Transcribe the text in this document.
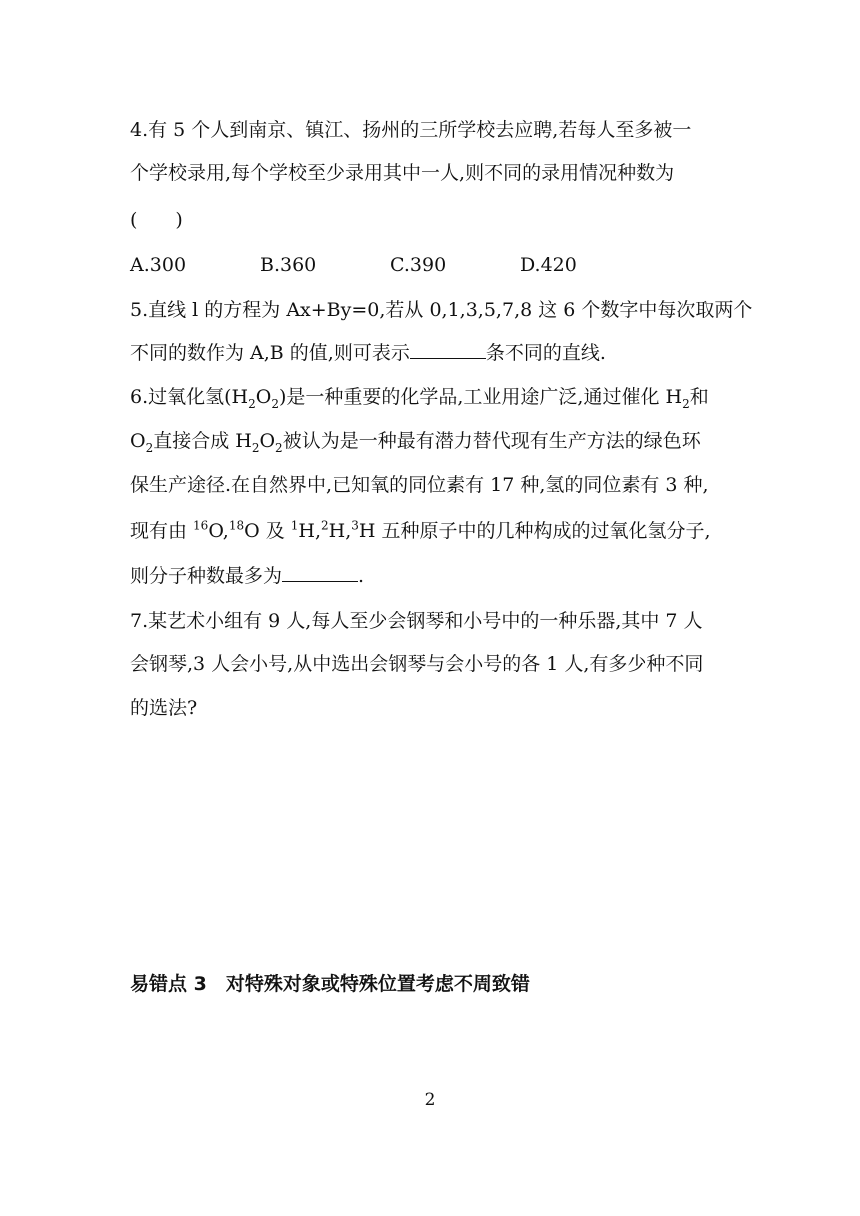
4.有 5 个人到南京、镇江、扬州的三所学校去应聘,若每人至多被一
个学校录用,每个学校至少录用其中一人,则不同的录用情况种数为
(　　)
A.300	B.360	C.390	D.420
5.直线 l 的方程为 Ax+By=0,若从 0,1,3,5,7,8 这 6 个数字中每次取两个
不同的数作为 A,B 的值,则可表示	条不同的直线.
6.过氧化氢$(H_2O_2)$是一种重要的化学品,工业用途广泛,通过催化 $H_2$和
$O_2$直接合成 $H_2O_2$被认为是一种最有潜力替代现有生产方法的绿色环
保生产途径.在自然界中,已知氧的同位素有 17 种,氢的同位素有 3 种,
现有由 $^{16}$O,$^{18}$O 及 $^1$H,$^2$H,$^3$H 五种原子中的几种构成的过氧化氢分子,
则分子种数最多为	.
7.某艺术小组有 9 人,每人至少会钢琴和小号中的一种乐器,其中 7 人
会钢琴,3 人会小号,从中选出会钢琴与会小号的各 1 人,有多少种不同
的选法?
易错点 3　对特殊对象或特殊位置考虑不周致错
2
